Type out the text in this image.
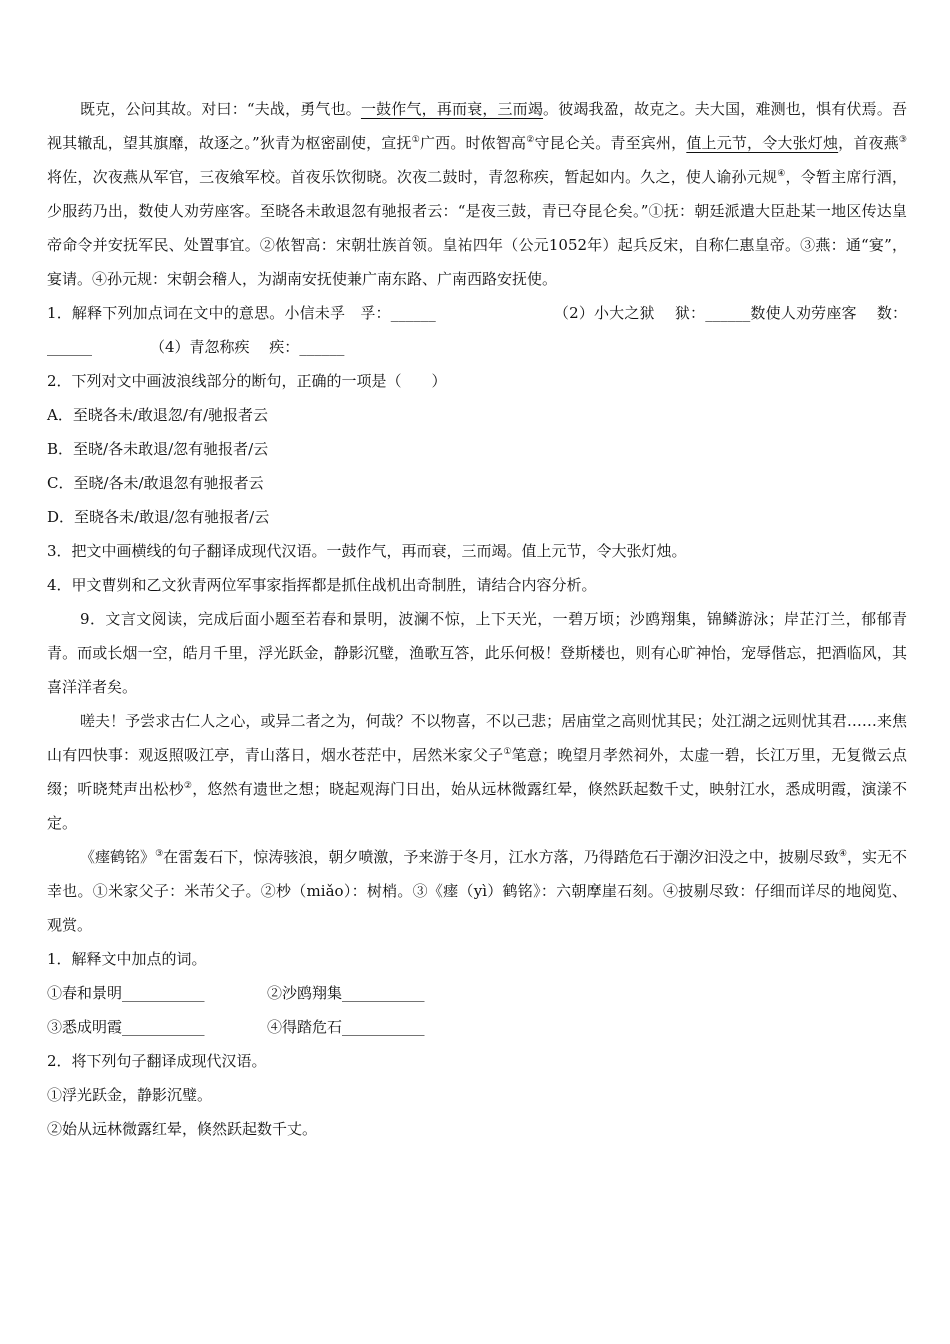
既克，公问其故。对曰：“夫战，勇气也。一鼓作气，再而衰，三而竭。彼竭我盈，故克之。夫大国，难测也，惧有伏焉。吾视其辙乱，望其旗靡，故逐之。”狄青为枢密副使，宣抚①广西。时侬智高②守昆仑关。青至宾州，值上元节，令大张灯烛，首夜燕③将佐，次夜燕从军官，三夜飨军校。首夜乐饮彻晓。次夜二鼓时，青忽称疾，暂起如内。久之，使人谕孙元规④，令暂主席行酒，少服药乃出，数使人劝劳座客。至晓各未敢退忽有驰报者云：“是夜三鼓，青已夺昆仑矣。”①抚：朝廷派遣大臣赴某一地区传达皇帝命令并安抚军民、处置事宜。②侬智高：宋朝壮族首领。皇祐四年（公元1052年）起兵反宋，自称仁惠皇帝。③燕：通“宴”，宴请。④孙元规：宋朝会稽人，为湖南安抚使兼广南东路、广南西路安抚使。

1．解释下列加点词在文中的意思。小信未孚　孚：______	（2）小大之狱　 狱：______数使人劝劳座客　 数：______	（4）青忽称疾　 疾：______

2．下列对文中画波浪线部分的断句，正确的一项是（　　）

A．至晓各未/敢退忽/有/驰报者云

B．至晓/各未敢退/忽有驰报者/云

C．至晓/各未/敢退忽有驰报者云

D．至晓各未/敢退/忽有驰报者/云

3．把文中画横线的句子翻译成现代汉语。一鼓作气，再而衰，三而竭。值上元节，令大张灯烛。

4．甲文曹刿和乙文狄青两位军事家指挥都是抓住战机出奇制胜，请结合内容分析。

9．文言文阅读，完成后面小题至若春和景明，波澜不惊，上下天光，一碧万顷；沙鸥翔集，锦鳞游泳；岸芷汀兰，郁郁青青。而或长烟一空，皓月千里，浮光跃金，静影沉璧，渔歌互答，此乐何极！登斯楼也，则有心旷神怡，宠辱偕忘，把酒临风，其喜洋洋者矣。

嗟夫！予尝求古仁人之心，或异二者之为，何哉？不以物喜，不以己悲；居庙堂之高则忧其民；处江湖之远则忧其君……来焦山有四快事：观返照吸江亭，青山落日，烟水苍茫中，居然米家父子①笔意；晚望月孝然祠外，太虚一碧，长江万里，无复微云点缀；听晓梵声出松杪②，悠然有遗世之想；晓起观海门日出，始从远林微露红晕，倏然跃起数千丈，映射江水，悉成明霞，演漾不定。

《瘗鹤铭》③在雷轰石下，惊涛骇浪，朝夕喷激，予来游于冬月，江水方落，乃得踏危石于潮汐汩没之中，披剔尽致④，实无不幸也。①米家父子：米芾父子。②杪（miǎo）：树梢。③《瘗（yì）鹤铭》：六朝摩崖石刻。④披剔尽致：仔细而详尽的地阅览、观赏。

1．解释文中加点的词。

①春和景明___________	②沙鸥翔集___________

③悉成明霞___________	④得踏危石___________

2．将下列句子翻译成现代汉语。

①浮光跃金，静影沉璧。

②始从远林微露红晕，倏然跃起数千丈。
